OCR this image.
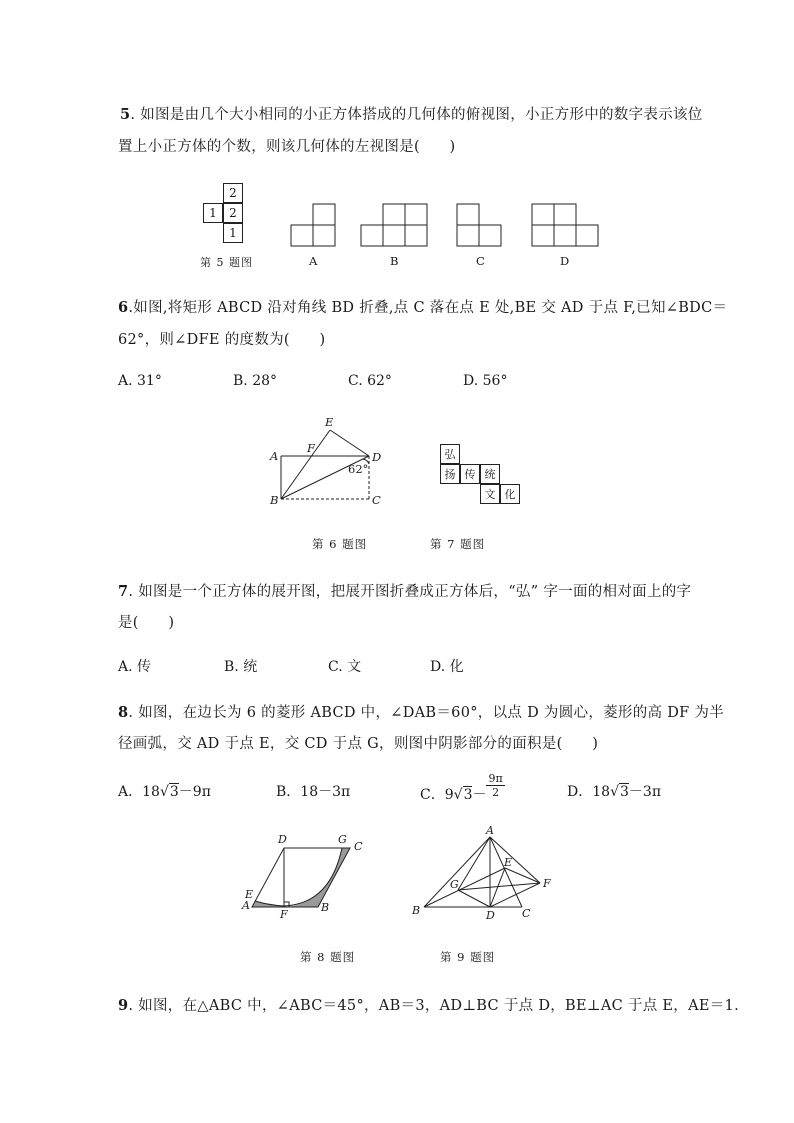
5. 如图是由几个大小相同的小正方体搭成的几何体的俯视图，小正方形中的数字表示该位
置上小正方体的个数，则该几何体的左视图是(　　)
2
1	2
1
第 5 题图	A	B	C	D
6.如图,将矩形 ABCD 沿对角线 BD 折叠,点 C 落在点 E 处,BE 交 AD 于点 F,已知∠BDC＝
62°，则∠DFE 的度数为(　　)
A. 31°	B. 28°	C. 62°	D. 56°
E
F
A	D
B	C
62°
弘
扬 传 统
文 化
第 6 题图	第 7 题图
7. 如图是一个正方体的展开图，把展开图折叠成正方体后，“弘” 字一面的相对面上的字
是(　　)
A. 传	B. 统	C. 文	D. 化
8. 如图，在边长为 6 的菱形 ABCD 中，∠DAB＝60°，以点 D 为圆心，菱形的高 DF 为半
径画弧，交 AD 于点 E，交 CD 于点 G，则图中阴影部分的面积是(　　)
A．18√3－9π	B．18－3π	C．$9√3- \frac{9\pi}{2}$	D．18√3－3π
D	G
C
E
A
F
B
A
E
G	F
B	D C
第 8 题图	第 9 题图
9. 如图，在△ABC 中，∠ABC＝45°，AB＝3，AD⊥BC 于点 D，BE⊥AC 于点 E，AE＝1.
